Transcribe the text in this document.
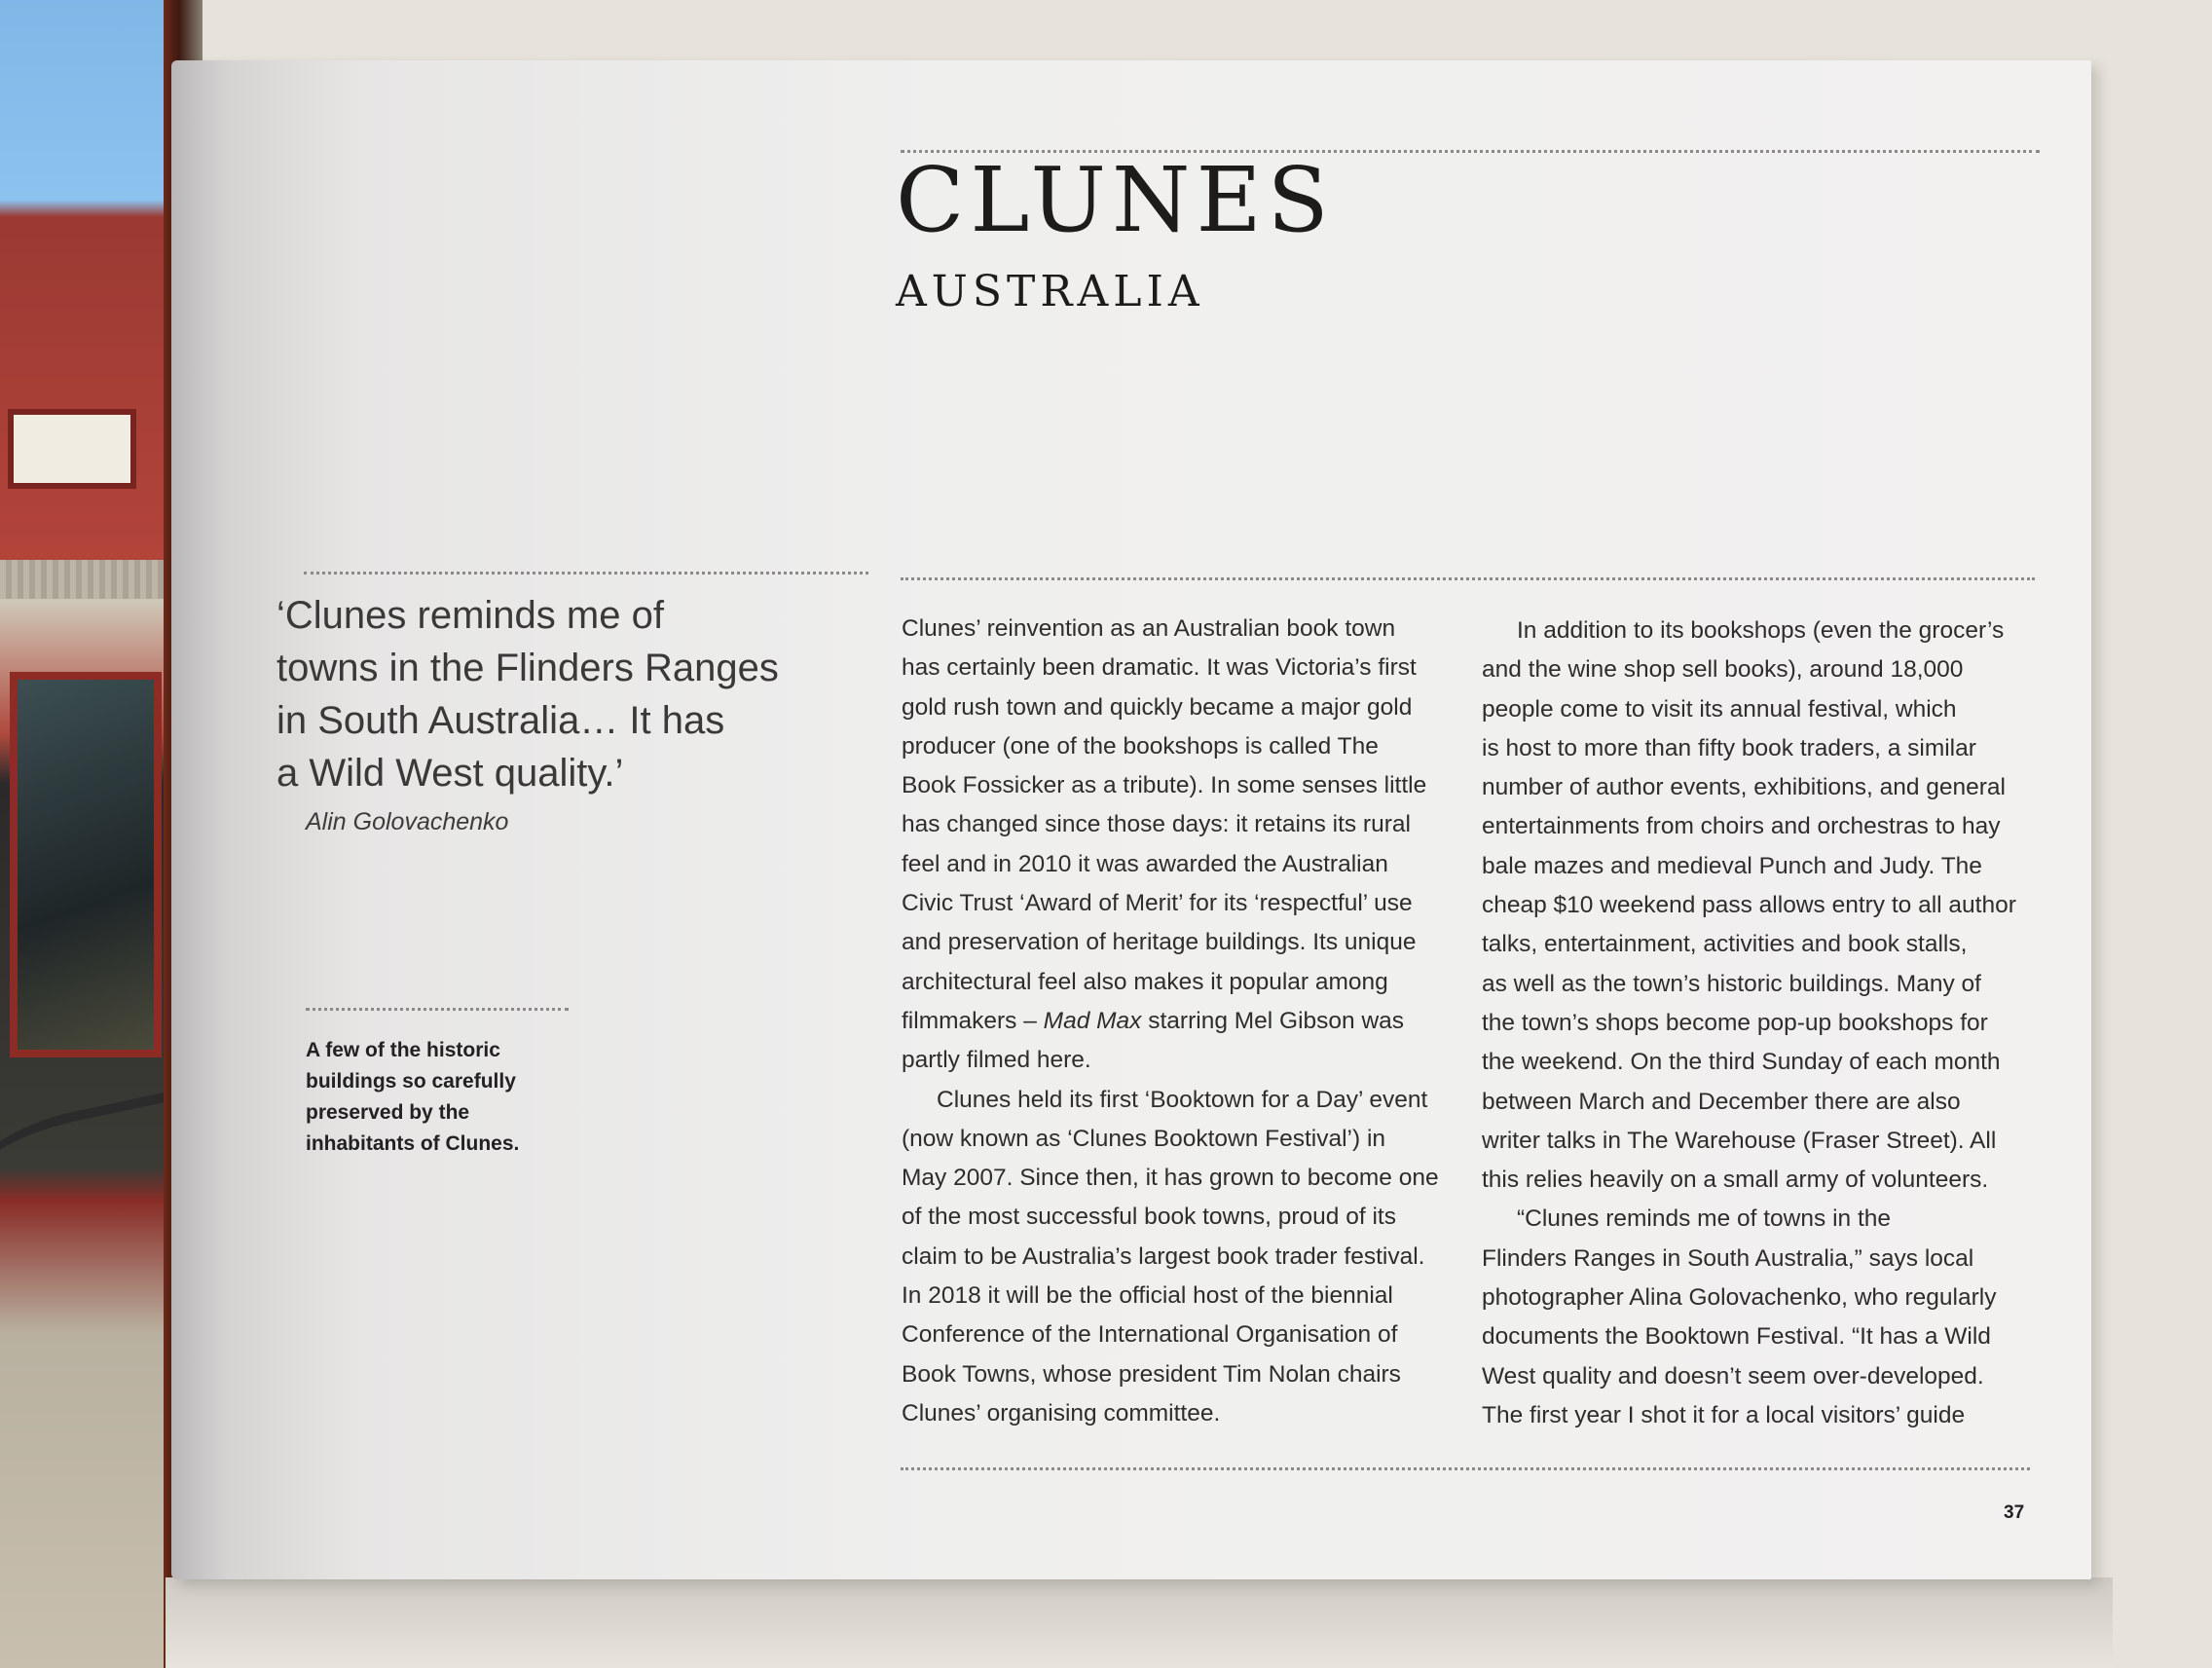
CLUNES
AUSTRALIA
‘Clunes reminds me of
towns in the Flinders Ranges
in South Australia… It has
a Wild West quality.’
Alin Golovachenko
A few of the historic
buildings so carefully
preserved by the
inhabitants of Clunes.

Clunes’ reinvention as an Australian book town

has certainly been dramatic. It was Victoria’s first

gold rush town and quickly became a major gold

producer (one of the bookshops is called The

Book Fossicker as a tribute). In some senses little

has changed since those days: it retains its rural

feel and in 2010 it was awarded the Australian

Civic Trust ‘Award of Merit’ for its ‘respectful’ use

and preservation of heritage buildings. Its unique

architectural feel also makes it popular among

filmmakers – Mad Max starring Mel Gibson was

partly filmed here.

Clunes held its first ‘Booktown for a Day’ event

(now known as ‘Clunes Booktown Festival’) in

May 2007. Since then, it has grown to become one

of the most successful book towns, proud of its

claim to be Australia’s largest book trader festival.

In 2018 it will be the official host of the biennial

Conference of the International Organisation of

Book Towns, whose president Tim Nolan chairs

Clunes’ organising committee.

In addition to its bookshops (even the grocer’s

and the wine shop sell books), around 18,000

people come to visit its annual festival, which

is host to more than fifty book traders, a similar

number of author events, exhibitions, and general

entertainments from choirs and orchestras to hay

bale mazes and medieval Punch and Judy. The

cheap $10 weekend pass allows entry to all author

talks, entertainment, activities and book stalls,

as well as the town’s historic buildings. Many of

the town’s shops become pop-up bookshops for

the weekend. On the third Sunday of each month

between March and December there are also

writer talks in The Warehouse (Fraser Street). All

this relies heavily on a small army of volunteers.

“Clunes reminds me of towns in the

Flinders Ranges in South Australia,” says local

photographer Alina Golovachenko, who regularly

documents the Booktown Festival. “It has a Wild

West quality and doesn’t seem over-developed.

The first year I shot it for a local visitors’ guide

37
